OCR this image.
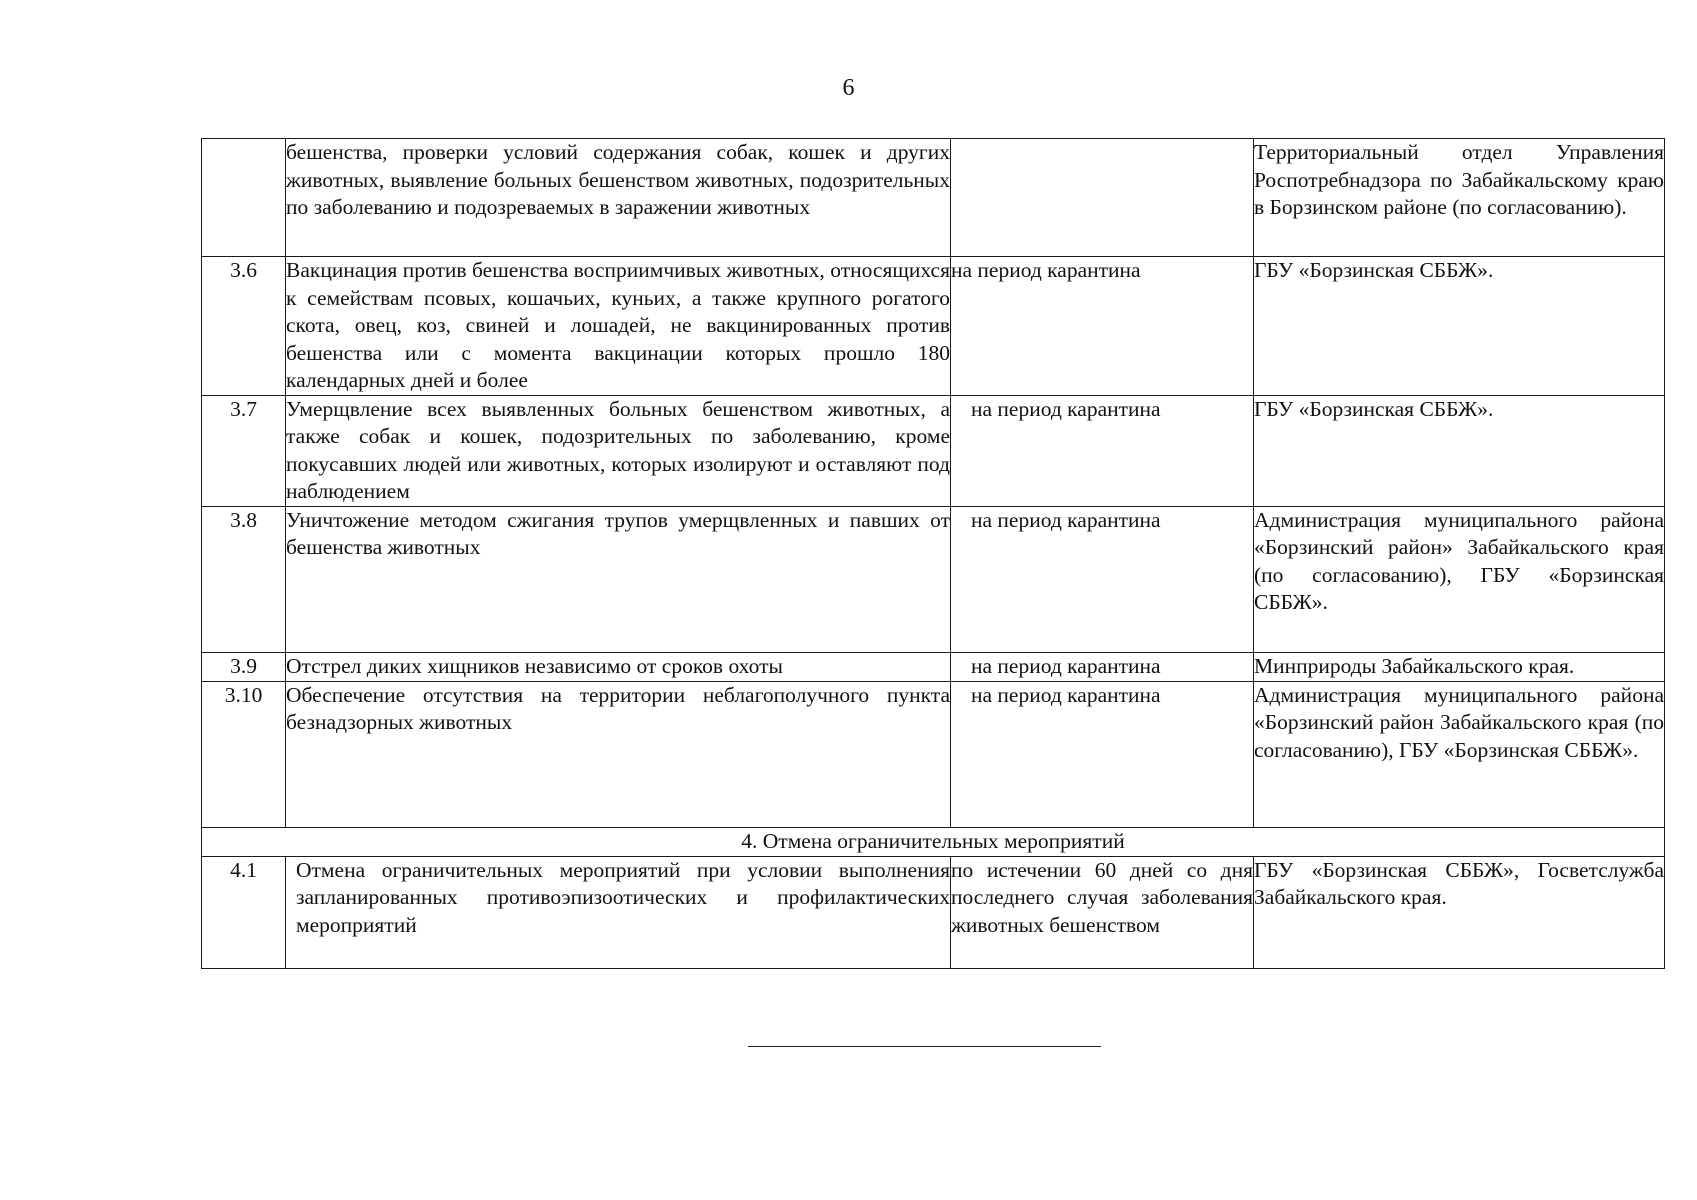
6
	бешенства, проверки условий содержания собак, кошек и других животных, выявление больных бешенством животных, подозрительных по заболеванию и подозреваемых в заражении животных		Территориальный отдел Управления Роспотребнадзора по Забайкальскому краю в Борзинском районе (по согласованию).
3.6	Вакцинация против бешенства восприимчивых животных, относящихся к семействам псовых, кошачьих, куньих, а также крупного рогатого скота, овец, коз, свиней и лошадей, не вакцинированных против бешенства или с момента вакцинации которых прошло 180 календарных дней и более	на период карантина	ГБУ «Борзинская СББЖ».
3.7	Умерщвление всех выявленных больных бешенством животных, а также собак и кошек, подозрительных по заболеванию, кроме покусавших людей или животных, которых изолируют и оставляют под наблюдением	на период карантина	ГБУ «Борзинская СББЖ».
3.8	Уничтожение методом сжигания трупов умерщвленных и павших от бешенства животных	на период карантина	Администрация муниципального района «Борзинский район» Забайкальского края (по согласованию), ГБУ «Борзинская СББЖ».
3.9	Отстрел диких хищников независимо от сроков охоты	на период карантина	Минприроды Забайкальского края.
3.10	Обеспечение отсутствия на территории неблагополучного пункта безнадзорных животных	на период карантина	Администрация муниципального района «Борзинский район Забайкальского края (по согласованию), ГБУ «Борзинская СББЖ».
4. Отмена ограничительных мероприятий			
4.1	Отмена ограничительных мероприятий при условии выполнения запланированных противоэпизоотических и профилактических мероприятий	по истечении 60 дней со дня последнего случая заболевания животных бешенством	ГБУ «Борзинская СББЖ», Госветслужба Забайкальского края.
